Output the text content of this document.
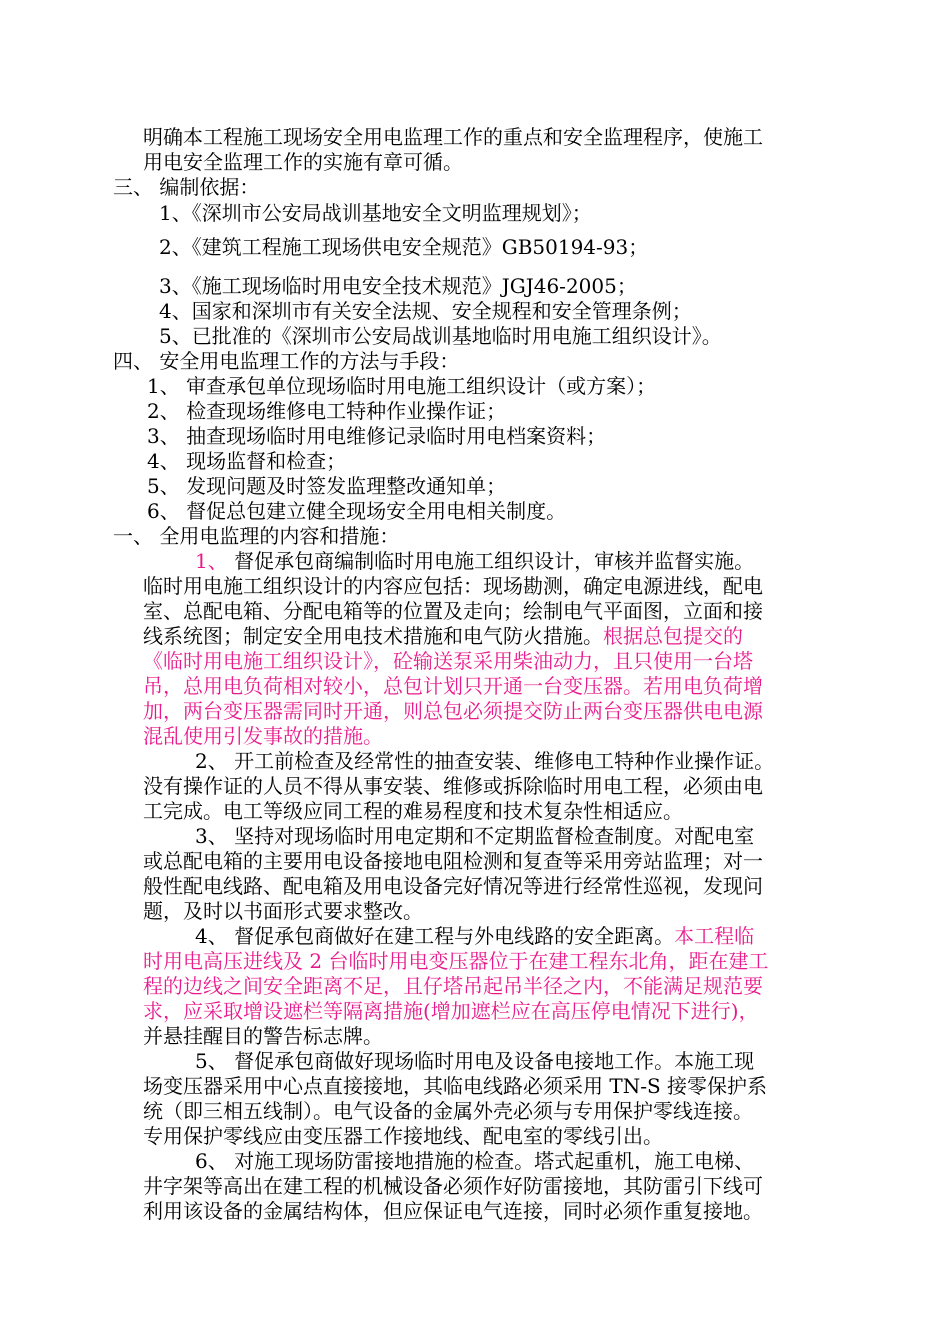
明确本工程施工现场安全用电监理工作的重点和安全监理程序，使施工
用电安全监理工作的实施有章可循。
三、 编制依据：
1、《深圳市公安局战训基地安全文明监理规划》；
2、《建筑工程施工现场供电安全规范》GB50194-93；
3、《施工现场临时用电安全技术规范》JGJ46-2005；
4、国家和深圳市有关安全法规、安全规程和安全管理条例；
5、已批准的《深圳市公安局战训基地临时用电施工组织设计》。
四、 安全用电监理工作的方法与手段：
1、 审查承包单位现场临时用电施工组织设计（或方案）；
2、 检查现场维修电工特种作业操作证；
3、 抽查现场临时用电维修记录临时用电档案资料；
4、 现场监督和检查；
5、 发现问题及时签发监理整改通知单；
6、 督促总包建立健全现场安全用电相关制度。
一、 全用电监理的内容和措施：
1、 督促承包商编制临时用电施工组织设计，审核并监督实施。
临时用电施工组织设计的内容应包括：现场勘测，确定电源进线，配电
室、总配电箱、分配电箱等的位置及走向；绘制电气平面图，立面和接
线系统图；制定安全用电技术措施和电气防火措施。根据总包提交的
《临时用电施工组织设计》，砼输送泵采用柴油动力，且只使用一台塔
吊，总用电负荷相对较小，总包计划只开通一台变压器。若用电负荷增
加，两台变压器需同时开通，则总包必须提交防止两台变压器供电电源
混乱使用引发事故的措施。
2、 开工前检查及经常性的抽查安装、维修电工特种作业操作证。
没有操作证的人员不得从事安装、维修或拆除临时用电工程，必须由电
工完成。电工等级应同工程的难易程度和技术复杂性相适应。
3、 坚持对现场临时用电定期和不定期监督检查制度。对配电室
或总配电箱的主要用电设备接地电阻检测和复查等采用旁站监理；对一
般性配电线路、配电箱及用电设备完好情况等进行经常性巡视，发现问
题，及时以书面形式要求整改。
4、 督促承包商做好在建工程与外电线路的安全距离。本工程临
时用电高压进线及 2 台临时用电变压器位于在建工程东北角，距在建工
程的边线之间安全距离不足，且仔塔吊起吊半径之内，不能满足规范要
求，应采取增设遮栏等隔离措施(增加遮栏应在高压停电情况下进行)，
并悬挂醒目的警告标志牌。
5、 督促承包商做好现场临时用电及设备电接地工作。本施工现
场变压器采用中心点直接接地，其临电线路必须采用 TN-S 接零保护系
统（即三相五线制）。电气设备的金属外壳必须与专用保护零线连接。
专用保护零线应由变压器工作接地线、配电室的零线引出。
6、 对施工现场防雷接地措施的检查。塔式起重机，施工电梯、
井字架等高出在建工程的机械设备必须作好防雷接地，其防雷引下线可
利用该设备的金属结构体，但应保证电气连接，同时必须作重复接地。
